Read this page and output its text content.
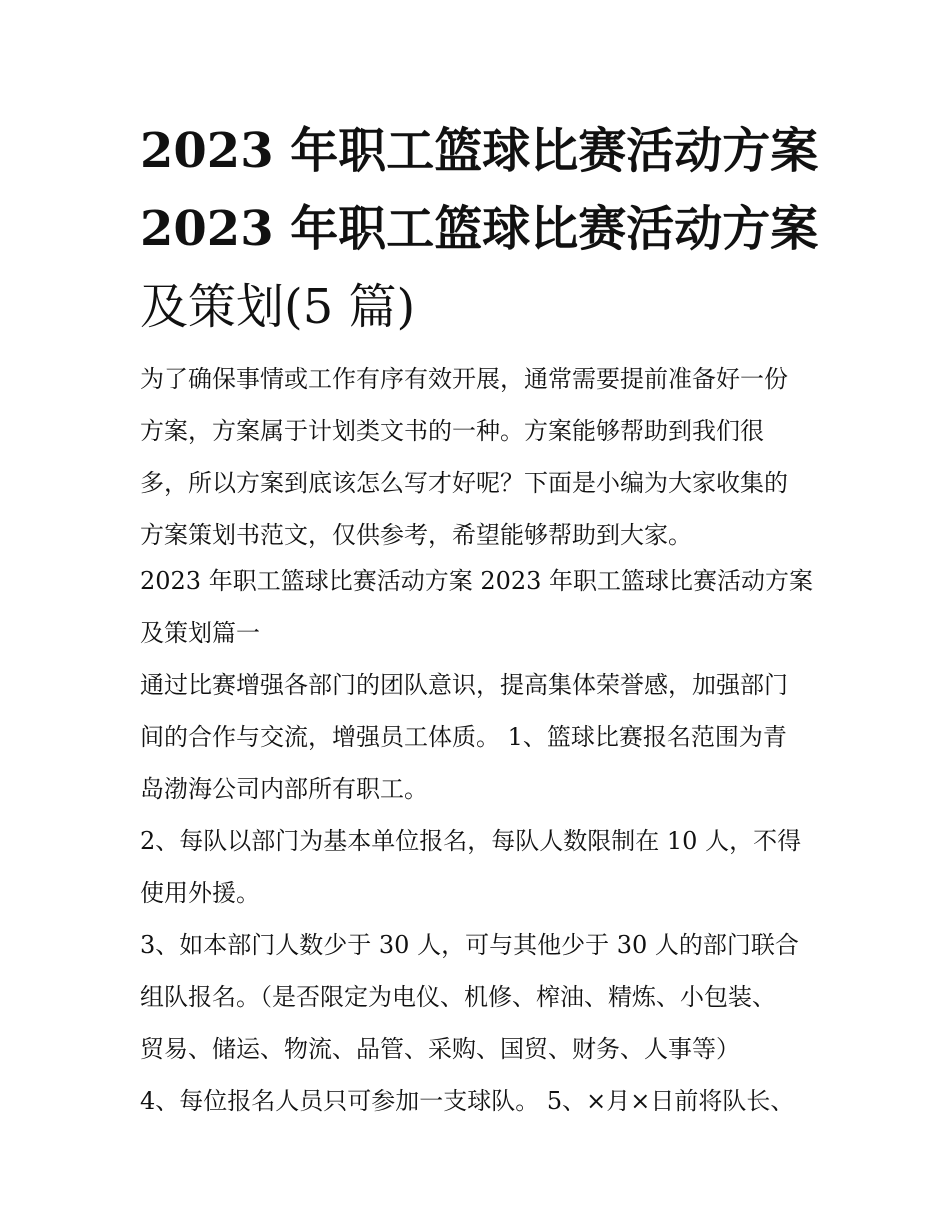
2023 年职工篮球比赛活动方案
2023 年职工篮球比赛活动方案
及策划(5 篇)
为了确保事情或工作有序有效开展，通常需要提前准备好一份
方案，方案属于计划类文书的一种。方案能够帮助到我们很
多，所以方案到底该怎么写才好呢？下面是小编为大家收集的
方案策划书范文，仅供参考，希望能够帮助到大家。
2023 年职工篮球比赛活动方案 2023 年职工篮球比赛活动方案
及策划篇一
通过比赛增强各部门的团队意识，提高集体荣誉感，加强部门
间的合作与交流，增强员工体质。 1、篮球比赛报名范围为青
岛渤海公司内部所有职工。
2、每队以部门为基本单位报名，每队人数限制在 10 人，不得
使用外援。
3、如本部门人数少于 30 人，可与其他少于 30 人的部门联合
组队报名。（是否限定为电仪、机修、榨油、精炼、小包装、
贸易、储运、物流、品管、采购、国贸、财务、人事等）
4、每位报名人员只可参加一支球队。 5、×月×日前将队长、
